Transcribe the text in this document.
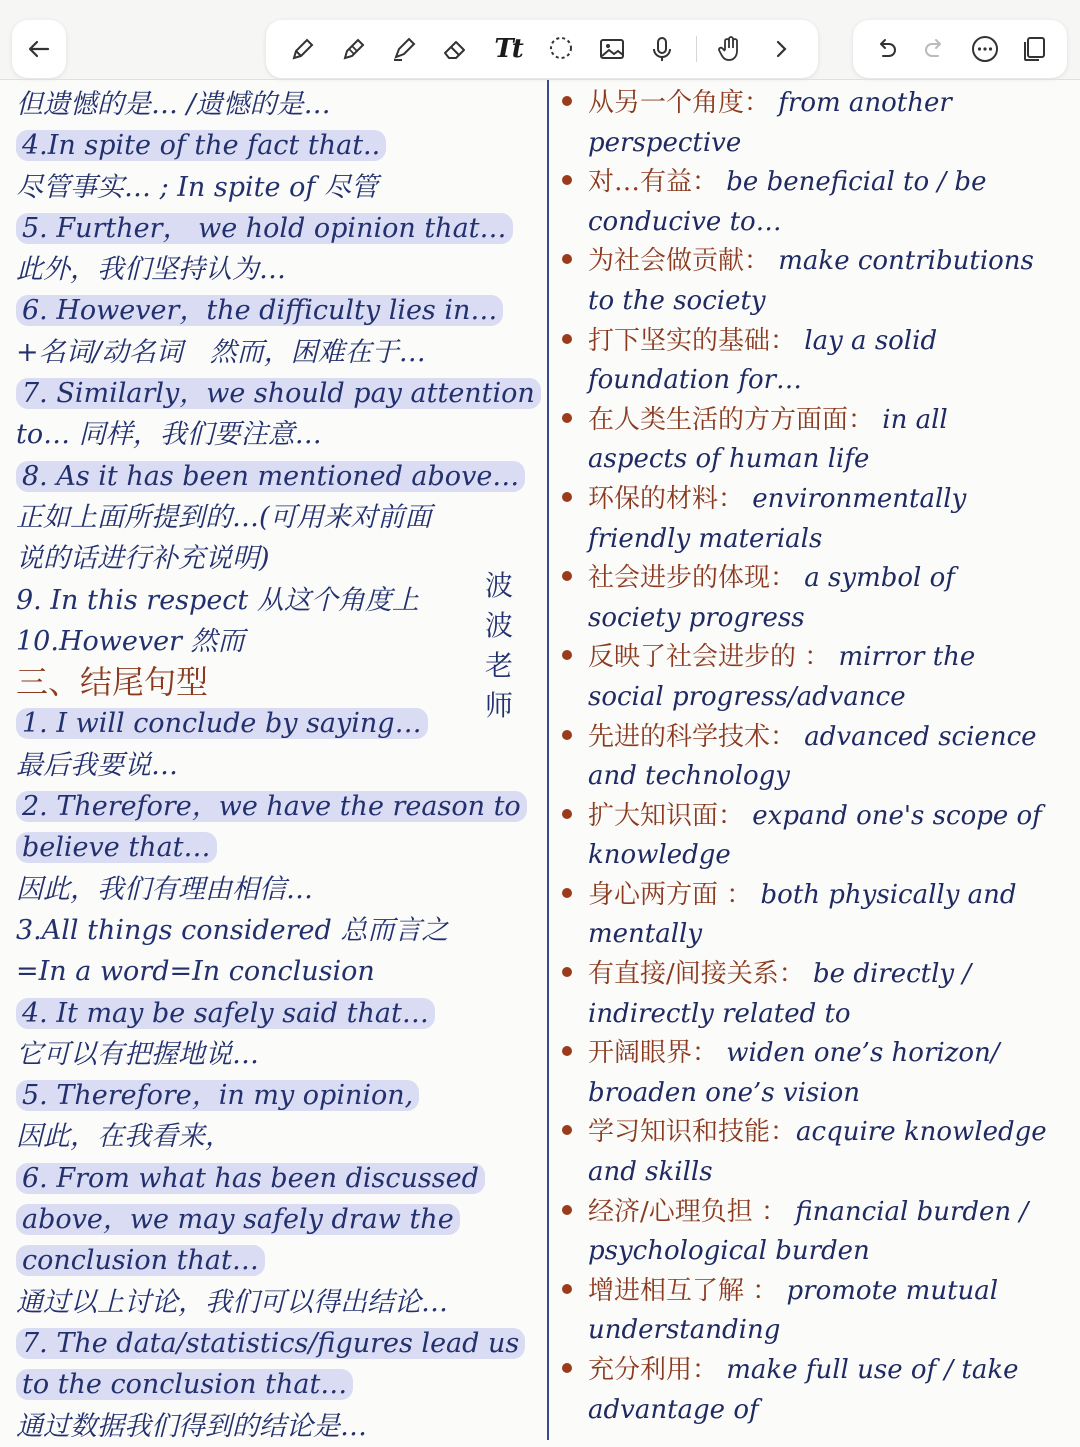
Tt
但遗憾的是… /遗憾的是…
4.In spite of the fact that..
尽管事实… ; In spite of 尽管
5. Further， we hold opinion that…
此外，我们坚持认为…
6. However，the difficulty lies in…
+名词/动名词　然而，困难在于…
7. Similarly，we should pay attention
to… 同样，我们要注意…
8. As it has been mentioned above…
正如上面所提到的…(可用来对前面
说的话进行补充说明)
9. In this respect 从这个角度上
10.However 然而
三、结尾句型
1. I will conclude by saying…
最后我要说…
2. Therefore，we have the reason to
believe that…
因此，我们有理由相信…
3.All things considered 总而言之
=In a word=In conclusion
4. It may be safely said that…
它可以有把握地说…
5. Therefore，in my opinion,
因此，在我看来，
6. From what has been discussed
above，we may safely draw the
conclusion that…
通过以上讨论，我们可以得出结论…
7. The data/statistics/figures lead us
to the conclusion that…
通过数据我们得到的结论是…
波
波
老
师
从另一个角度： from another
perspective
对…有益： be beneficial to / be
conducive to…
为社会做贡献： make contributions
to the society
打下坚实的基础： lay a solid
foundation for…
在人类生活的方方面面： in all
aspects of human life
环保的材料： environmentally
friendly materials
社会进步的体现： a symbol of
society progress
反映了社会进步的 ： mirror the
social progress/advance
先进的科学技术： advanced science
and technology
扩大知识面： expand one's scope of
knowledge
身心两方面 ： both physically and
mentally
有直接/间接关系： be directly /
indirectly related to
开阔眼界： widen one’s horizon/
broaden one’s vision
学习知识和技能：acquire knowledge
and skills
经济/心理负担 ： financial burden /
psychological burden
增进相互了解 ： promote mutual
understanding
充分利用： make full use of / take
advantage of
